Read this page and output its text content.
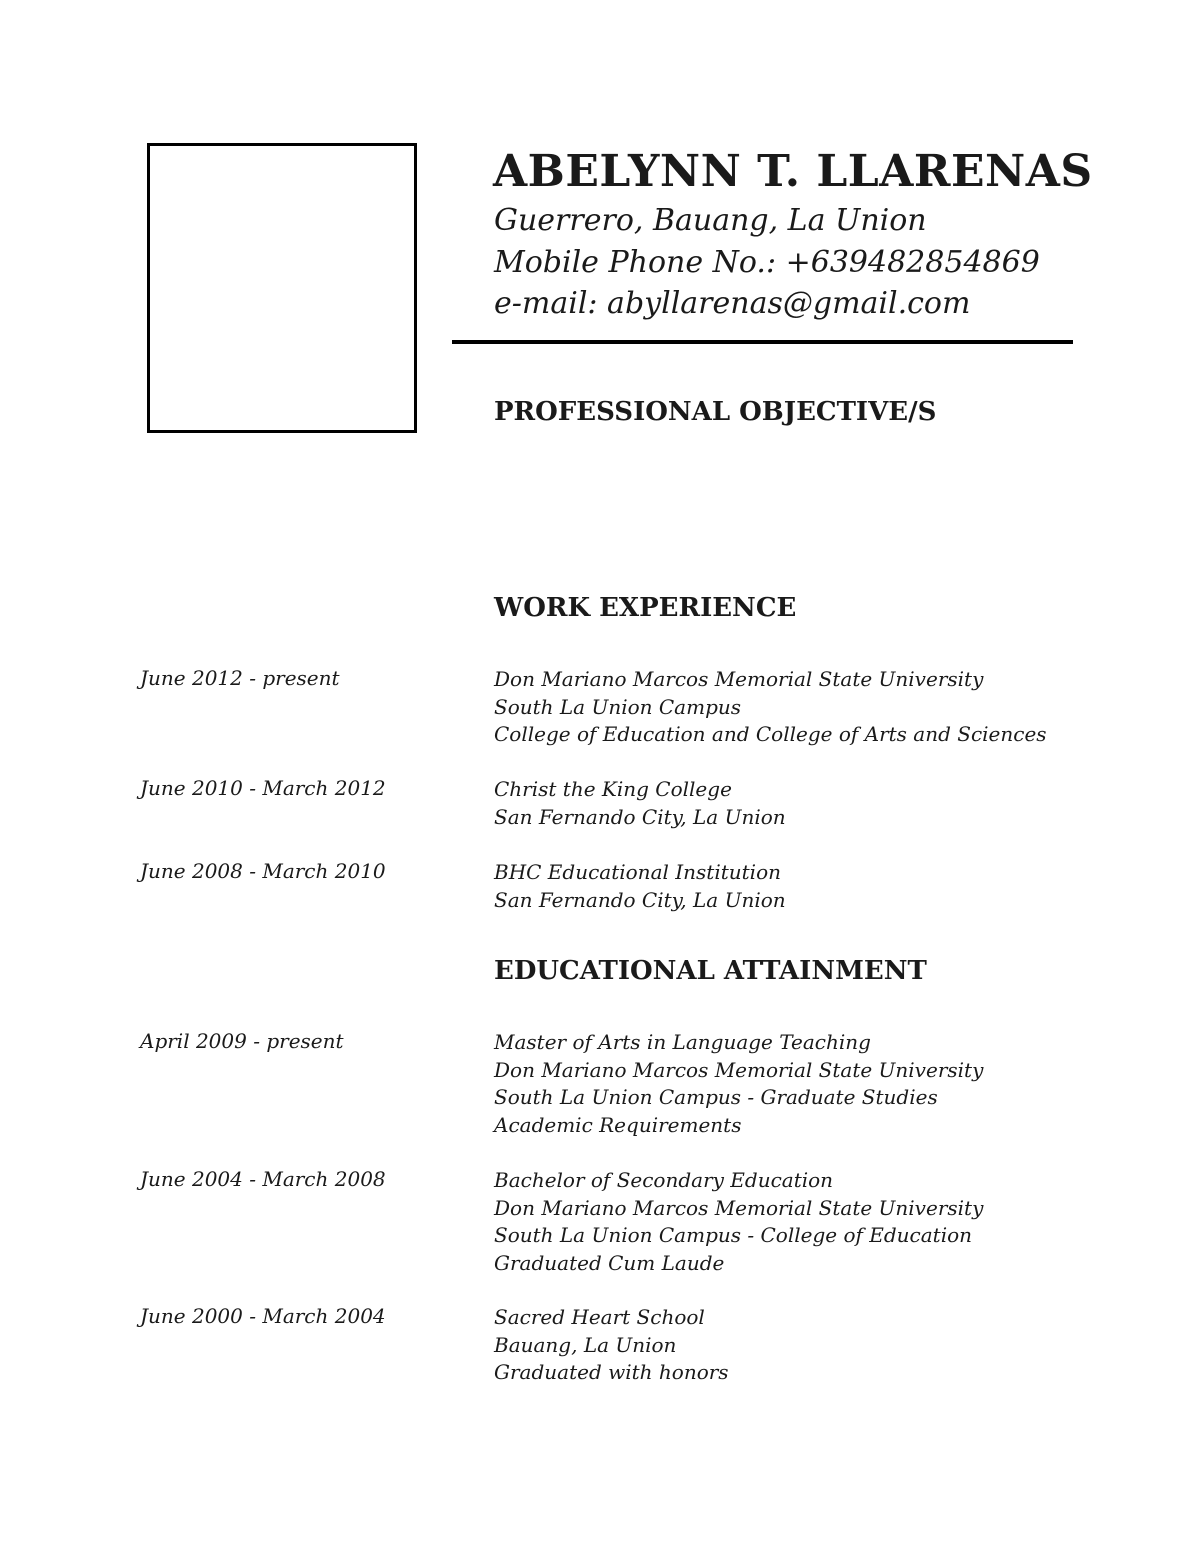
ABELYNN T. LLARENAS
Guerrero, Bauang, La Union
Mobile Phone No.: +639482854869
e-mail: abyllarenas@gmail.com
PROFESSIONAL OBJECTIVE/S
WORK EXPERIENCE
June 2012 - present	Don Mariano Marcos Memorial State University
South La Union Campus
College of Education and College of Arts and Sciences
June 2010 - March 2012	Christ the King College
San Fernando City, La Union
June 2008 - March 2010	BHC Educational Institution
San Fernando City, La Union
EDUCATIONAL ATTAINMENT
April 2009 - present	Master of Arts in Language Teaching
Don Mariano Marcos Memorial State University
South La Union Campus - Graduate Studies
Academic Requirements
June 2004 - March 2008	Bachelor of Secondary Education
Don Mariano Marcos Memorial State University
South La Union Campus - College of Education
Graduated Cum Laude
June 2000 - March 2004	Sacred Heart School
Bauang, La Union
Graduated with honors
